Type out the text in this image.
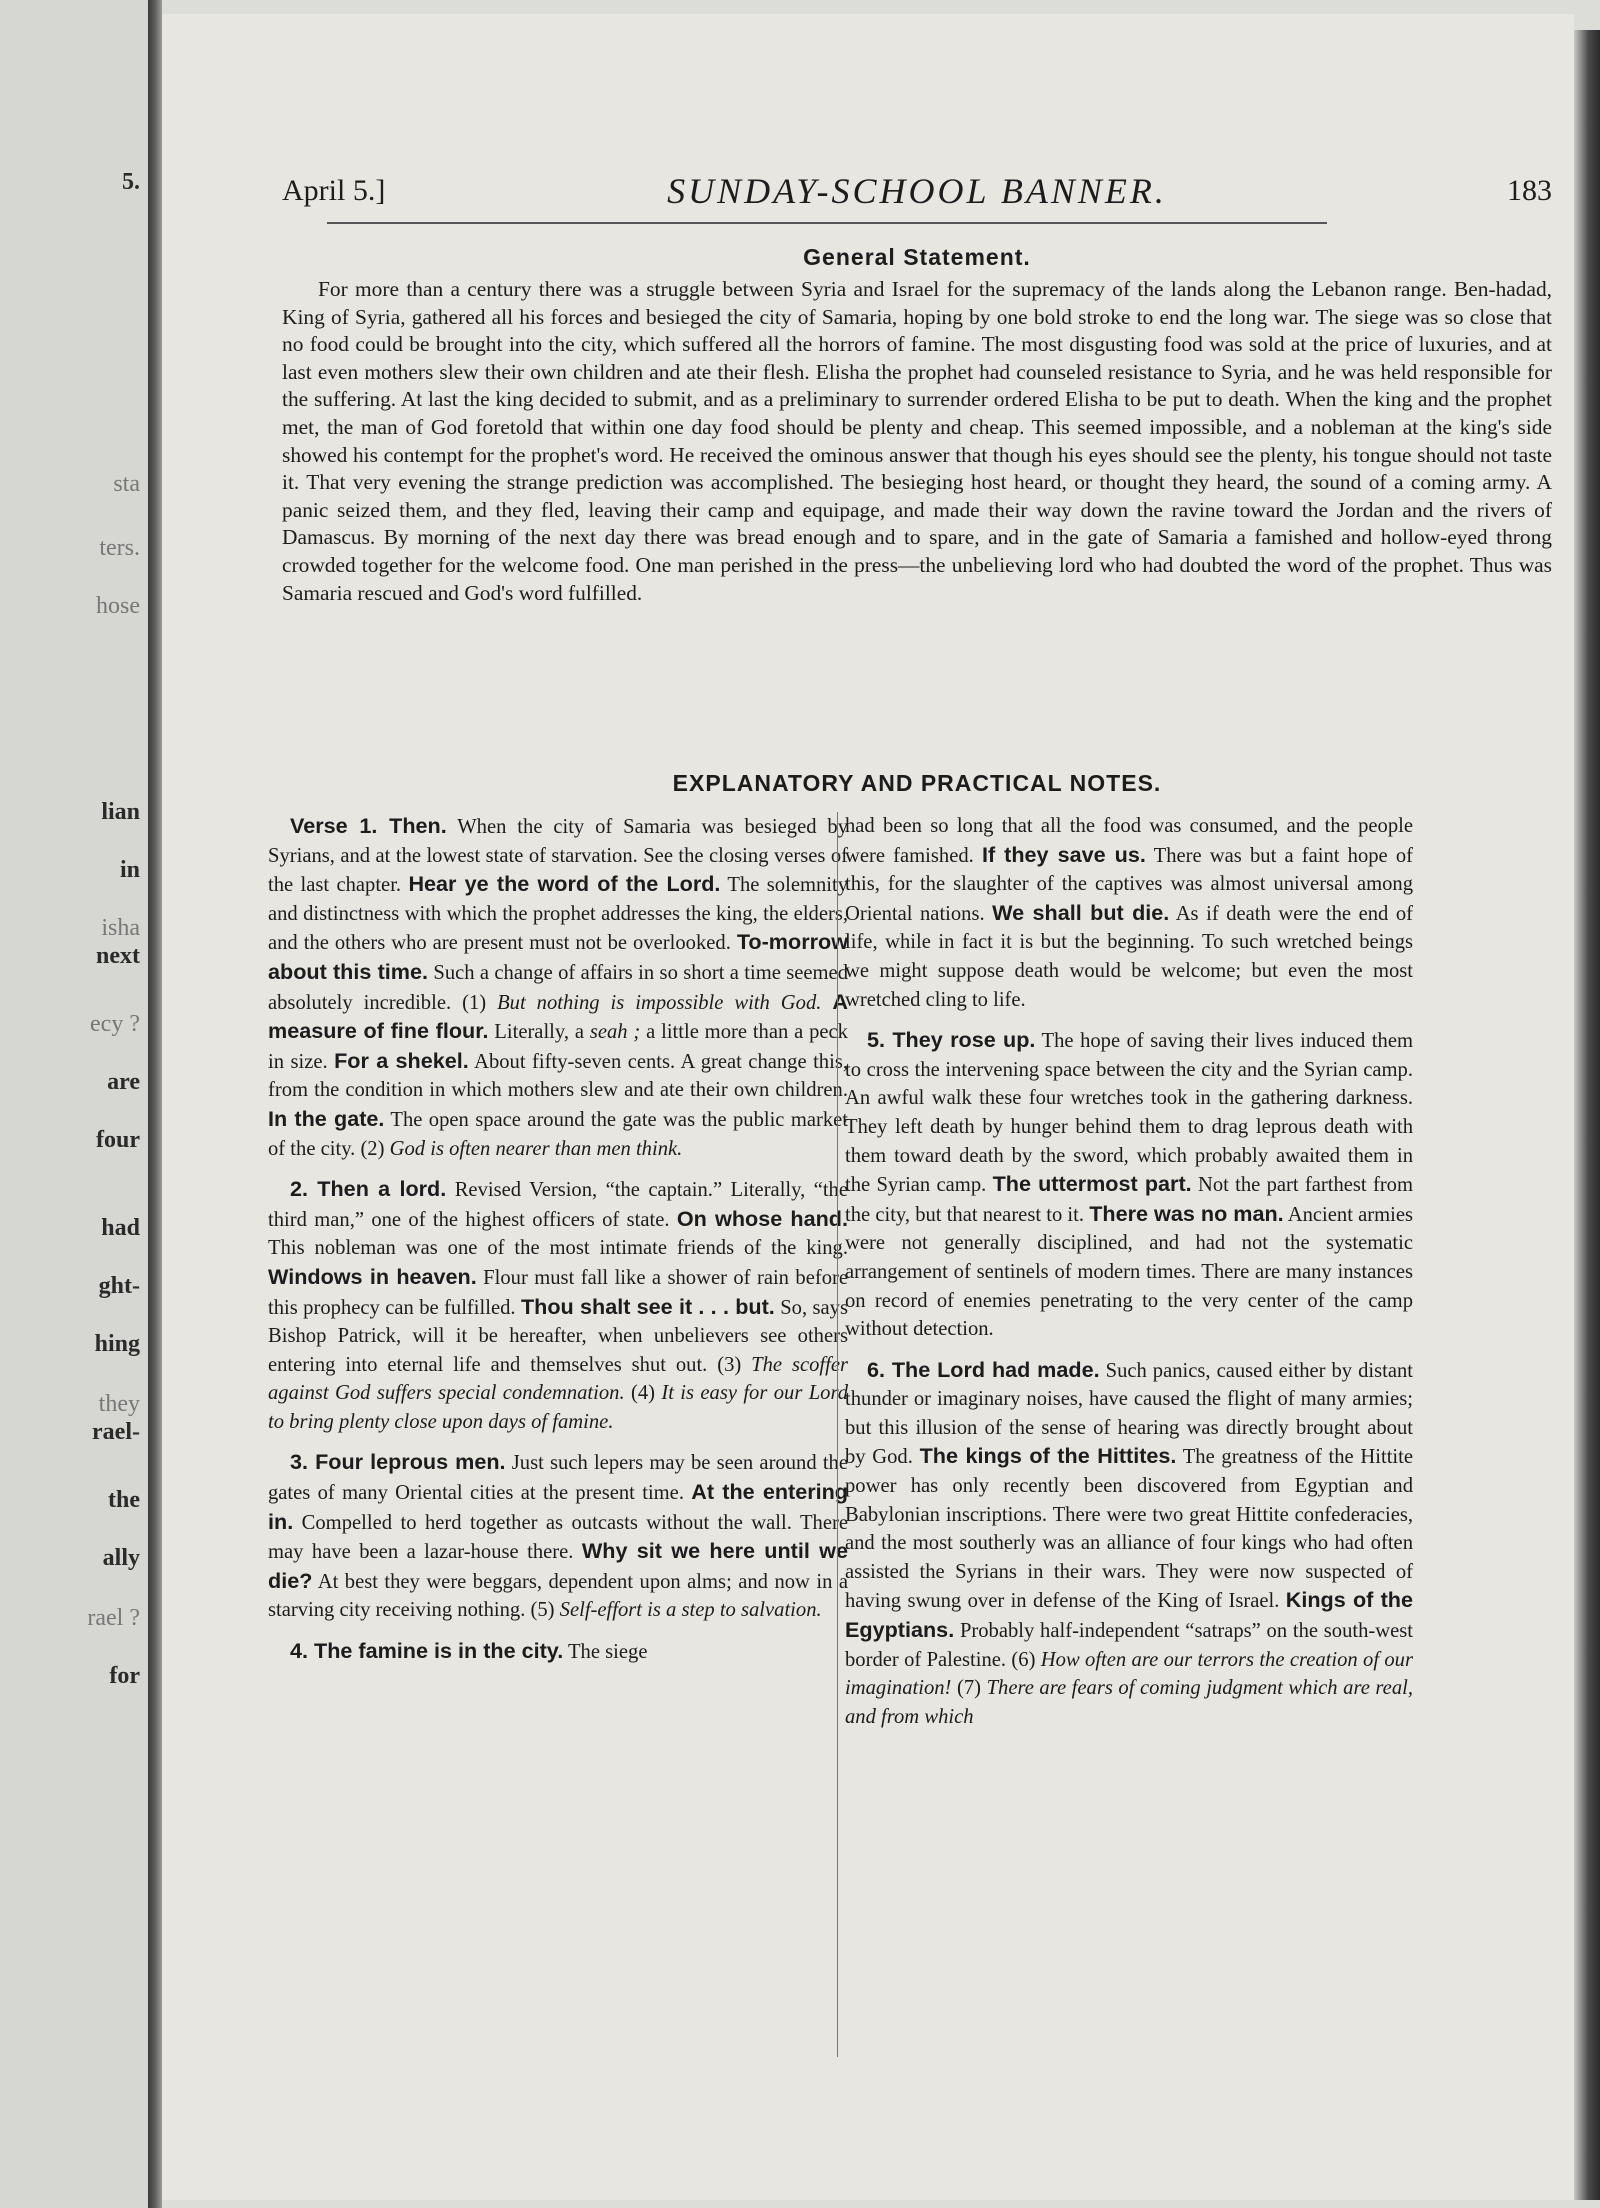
5.
sta
ters.
hose
lian
in
isha
next
ecy ?
are
four
had
ght-
hing
they
rael-
the
ally
rael ?
for
April 5.]	SUNDAY-SCHOOL BANNER.	183
General Statement.

For more than a century there was a struggle between Syria and Israel for the supremacy of the lands along the Lebanon range. Ben-hadad, King of Syria, gathered all his forces and besieged the city of Samaria, hoping by one bold stroke to end the long war. The siege was so close that no food could be brought into the city, which suffered all the horrors of famine. The most disgusting food was sold at the price of luxuries, and at last even mothers slew their own children and ate their flesh. Elisha the prophet had counseled resistance to Syria, and he was held responsible for the suffering. At last the king decided to submit, and as a preliminary to surrender ordered Elisha to be put to death. When the king and the prophet met, the man of God foretold that within one day food should be plenty and cheap. This seemed impossible, and a nobleman at the king's side showed his contempt for the prophet's word. He received the ominous answer that though his eyes should see the plenty, his tongue should not taste it. That very evening the strange prediction was accomplished. The besieging host heard, or thought they heard, the sound of a coming army. A panic seized them, and they fled, leaving their camp and equipage, and made their way down the ravine toward the Jordan and the rivers of Damascus. By morning of the next day there was bread enough and to spare, and in the gate of Samaria a famished and hollow-eyed throng crowded together for the welcome food. One man perished in the press—the unbelieving lord who had doubted the word of the prophet. Thus was Samaria rescued and God's word fulfilled.

EXPLANATORY AND PRACTICAL NOTES.

Verse 1. Then. When the city of Samaria was besieged by Syrians, and at the lowest state of starvation. See the closing verses of the last chapter. Hear ye the word of the Lord. The solemnity and distinctness with which the prophet addresses the king, the elders, and the others who are present must not be overlooked. To-morrow about this time. Such a change of affairs in so short a time seemed absolutely incredible. (1) But nothing is impossible with God. A measure of fine flour. Literally, a seah ; a little more than a peck in size. For a shekel. About fifty-seven cents. A great change this, from the condition in which mothers slew and ate their own children. In the gate. The open space around the gate was the public market of the city. (2) God is often nearer than men think.

2. Then a lord. Revised Version, “the captain.” Literally, “the third man,” one of the highest officers of state. On whose hand. This nobleman was one of the most intimate friends of the king. Windows in heaven. Flour must fall like a shower of rain before this prophecy can be fulfilled. Thou shalt see it . . . but. So, says Bishop Patrick, will it be hereafter, when unbelievers see others entering into eternal life and themselves shut out. (3) The scoffer against God suffers special condemnation. (4) It is easy for our Lord to bring plenty close upon days of famine.

3. Four leprous men. Just such lepers may be seen around the gates of many Oriental cities at the present time. At the entering in. Compelled to herd together as outcasts without the wall. There may have been a lazar-house there. Why sit we here until we die? At best they were beggars, dependent upon alms; and now in a starving city receiving nothing. (5) Self-effort is a step to salvation.

4. The famine is in the city. The siege

had been so long that all the food was consumed, and the people were famished. If they save us. There was but a faint hope of this, for the slaughter of the captives was almost universal among Oriental nations. We shall but die. As if death were the end of life, while in fact it is but the beginning. To such wretched beings we might suppose death would be welcome; but even the most wretched cling to life.

5. They rose up. The hope of saving their lives induced them to cross the intervening space between the city and the Syrian camp. An awful walk these four wretches took in the gathering darkness. They left death by hunger behind them to drag leprous death with them toward death by the sword, which probably awaited them in the Syrian camp. The uttermost part. Not the part farthest from the city, but that nearest to it. There was no man. Ancient armies were not generally disciplined, and had not the systematic arrangement of sentinels of modern times. There are many instances on record of enemies penetrating to the very center of the camp without detection.

6. The Lord had made. Such panics, caused either by distant thunder or imaginary noises, have caused the flight of many armies; but this illusion of the sense of hearing was directly brought about by God. The kings of the Hittites. The greatness of the Hittite power has only recently been discovered from Egyptian and Babylonian inscriptions. There were two great Hittite confederacies, and the most southerly was an alliance of four kings who had often assisted the Syrians in their wars. They were now suspected of having swung over in defense of the King of Israel. Kings of the Egyptians. Probably half-independent “satraps” on the south-west border of Palestine. (6) How often are our terrors the creation of our imagination! (7) There are fears of coming judgment which are real, and from which
